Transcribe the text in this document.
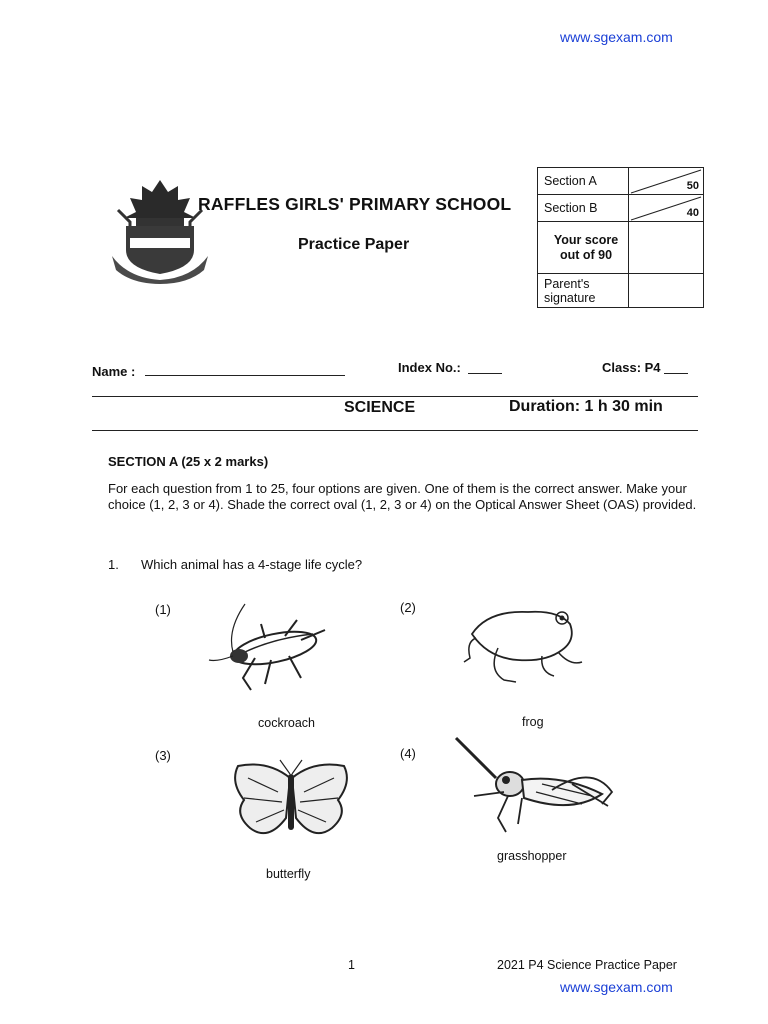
www.sgexam.com
RAFFLES GIRLS' PRIMARY SCHOOL
Practice Paper
Section A	50

Section B	40

Your score out of 90	
Parent's signature	
Name :	Index No.:	Class: P4
SCIENCE	Duration: 1 h 30 min
SECTION A (25 x 2 marks)
For each question from 1 to 25, four options are given. One of them is the correct answer. Make your choice (1, 2, 3 or 4). Shade the correct oval (1, 2, 3 or 4) on the Optical Answer Sheet (OAS) provided.
1. Which animal has a 4-stage life cycle?
(1)
cockroach
(2)
frog
(3)
butterfly
(4)
grasshopper
1	2021 P4 Science Practice Paper
www.sgexam.com
